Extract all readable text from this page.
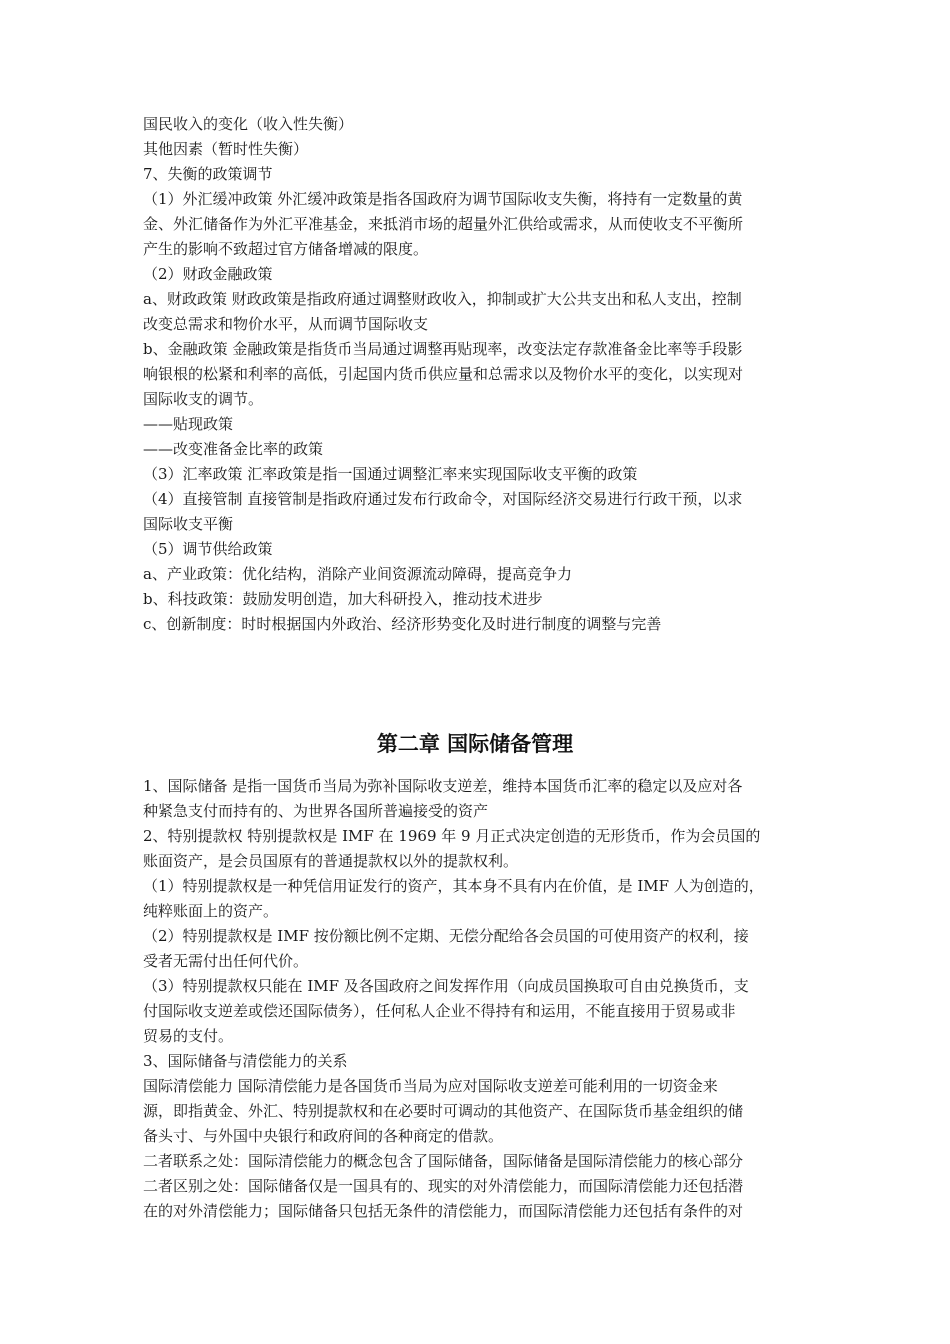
国民收入的变化（收入性失衡）
其他因素（暂时性失衡）
7、失衡的政策调节
（1）外汇缓冲政策 外汇缓冲政策是指各国政府为调节国际收支失衡，将持有一定数量的黄
金、外汇储备作为外汇平准基金，来抵消市场的超量外汇供给或需求，从而使收支不平衡所
产生的影响不致超过官方储备增减的限度。
（2）财政金融政策
a、财政政策 财政政策是指政府通过调整财政收入，抑制或扩大公共支出和私人支出，控制
改变总需求和物价水平，从而调节国际收支
b、金融政策 金融政策是指货币当局通过调整再贴现率，改变法定存款准备金比率等手段影
响银根的松紧和利率的高低，引起国内货币供应量和总需求以及物价水平的变化，以实现对
国际收支的调节。
——贴现政策
——改变准备金比率的政策
（3）汇率政策 汇率政策是指一国通过调整汇率来实现国际收支平衡的政策
（4）直接管制 直接管制是指政府通过发布行政命令，对国际经济交易进行行政干预，以求
国际收支平衡
（5）调节供给政策
a、产业政策：优化结构，消除产业间资源流动障碍，提高竞争力
b、科技政策：鼓励发明创造，加大科研投入，推动技术进步
c、创新制度：时时根据国内外政治、经济形势变化及时进行制度的调整与完善
第二章 国际储备管理
1、国际储备 是指一国货币当局为弥补国际收支逆差，维持本国货币汇率的稳定以及应对各
种紧急支付而持有的、为世界各国所普遍接受的资产
2、特别提款权 特别提款权是 IMF 在 1969 年 9 月正式决定创造的无形货币，作为会员国的
账面资产，是会员国原有的普通提款权以外的提款权利。
（1）特别提款权是一种凭信用证发行的资产，其本身不具有内在价值，是 IMF 人为创造的，
纯粹账面上的资产。
（2）特别提款权是 IMF 按份额比例不定期、无偿分配给各会员国的可使用资产的权利，接
受者无需付出任何代价。
（3）特别提款权只能在 IMF 及各国政府之间发挥作用（向成员国换取可自由兑换货币，支
付国际收支逆差或偿还国际债务），任何私人企业不得持有和运用，不能直接用于贸易或非
贸易的支付。
3、国际储备与清偿能力的关系
国际清偿能力 国际清偿能力是各国货币当局为应对国际收支逆差可能利用的一切资金来
源，即指黄金、外汇、特别提款权和在必要时可调动的其他资产、在国际货币基金组织的储
备头寸、与外国中央银行和政府间的各种商定的借款。
二者联系之处：国际清偿能力的概念包含了国际储备，国际储备是国际清偿能力的核心部分
二者区别之处：国际储备仅是一国具有的、现实的对外清偿能力，而国际清偿能力还包括潜
在的对外清偿能力；国际储备只包括无条件的清偿能力，而国际清偿能力还包括有条件的对
